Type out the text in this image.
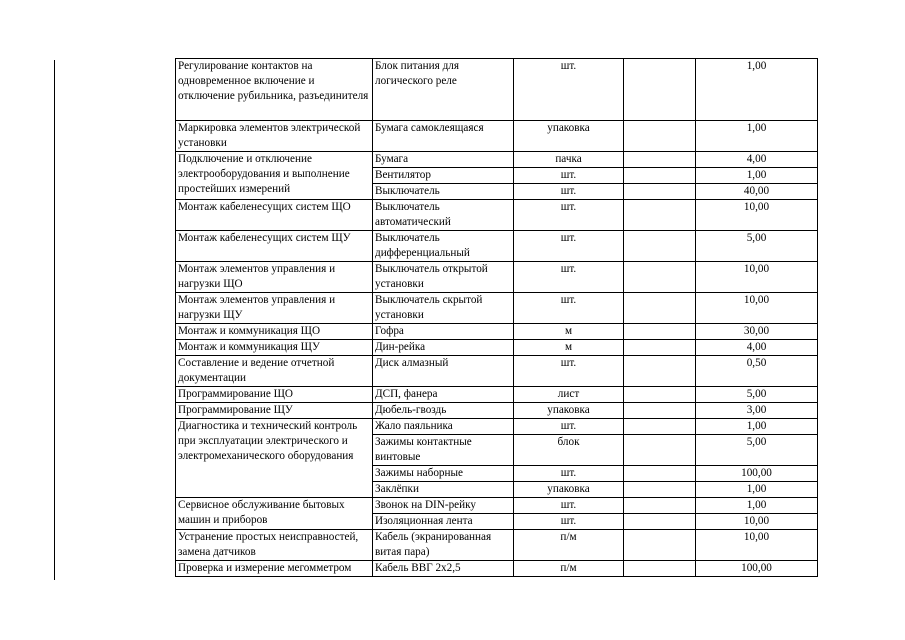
Регулирование контактов на одновременное включение и отключение рубильника, разъединителя	Блок питания для логического реле	шт.		1,00
Маркировка элементов электрической установки	Бумага самоклеящаяся	упаковка		1,00
Подключение и отключение электрооборудования и выполнение простейших измерений	Бумага	пачка		4,00
	Вентилятор	шт.		1,00
	Выключатель	шт.		40,00
Монтаж кабеленесущих систем ЩО	Выключатель автоматический	шт.		10,00
Монтаж кабеленесущих систем ЩУ	Выключатель дифференциальный	шт.		5,00
Монтаж элементов управления и нагрузки ЩО	Выключатель открытой установки	шт.		10,00
Монтаж элементов управления и нагрузки ЩУ	Выключатель скрытой установки	шт.		10,00
Монтаж и коммуникация ЩО	Гофра	м		30,00
Монтаж и коммуникация ЩУ	Дин-рейка	м		4,00
Составление и ведение отчетной документации	Диск алмазный	шт.		0,50
Программирование ЩО	ДСП, фанера	лист		5,00
Программирование ЩУ	Дюбель-гвоздь	упаковка		3,00
Диагностика и технический контроль при эксплуатации электрического и электромеханического оборудования	Жало паяльника	шт.		1,00
	Зажимы контактные винтовые	блок		5,00
	Зажимы наборные	шт.		100,00
	Заклёпки	упаковка		1,00
Сервисное обслуживание бытовых машин и приборов	Звонок на DIN-рейку	шт.		1,00
	Изоляционная лента	шт.		10,00
Устранение простых неисправностей, замена датчиков	Кабель (экранированная витая пара)	п/м		10,00
Проверка и измерение мегомметром	Кабель ВВГ 2х2,5	п/м		100,00
